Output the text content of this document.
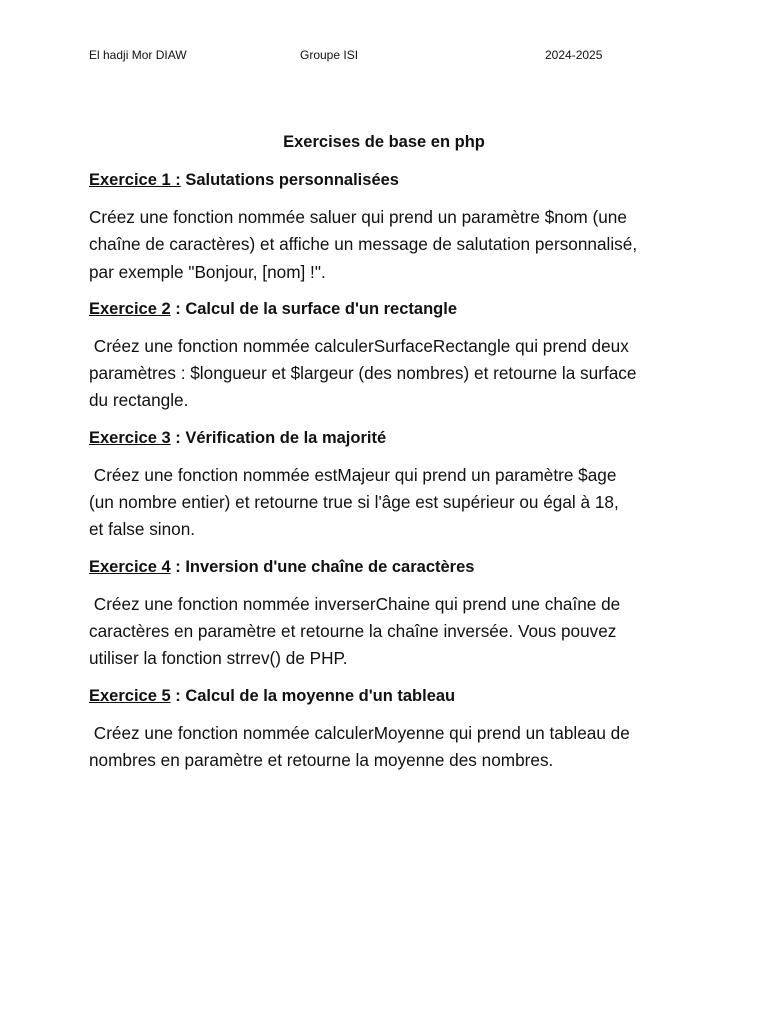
El hadji Mor DIAW	Groupe ISI	2024-2025
Exercises de base en php
Exercice 1 : Salutations personnalisées
Créez une fonction nommée saluer qui prend un paramètre $nom (une
chaîne de caractères) et affiche un message de salutation personnalisé,
par exemple "Bonjour, [nom] !".
Exercice 2 : Calcul de la surface d'un rectangle
Créez une fonction nommée calculerSurfaceRectangle qui prend deux
paramètres : $longueur et $largeur (des nombres) et retourne la surface
du rectangle.
Exercice 3 : Vérification de la majorité
Créez une fonction nommée estMajeur qui prend un paramètre $age
(un nombre entier) et retourne true si l'âge est supérieur ou égal à 18,
et false sinon.
Exercice 4 : Inversion d'une chaîne de caractères
Créez une fonction nommée inverserChaine qui prend une chaîne de
caractères en paramètre et retourne la chaîne inversée. Vous pouvez
utiliser la fonction strrev() de PHP.
Exercice 5 : Calcul de la moyenne d'un tableau
Créez une fonction nommée calculerMoyenne qui prend un tableau de
nombres en paramètre et retourne la moyenne des nombres.
